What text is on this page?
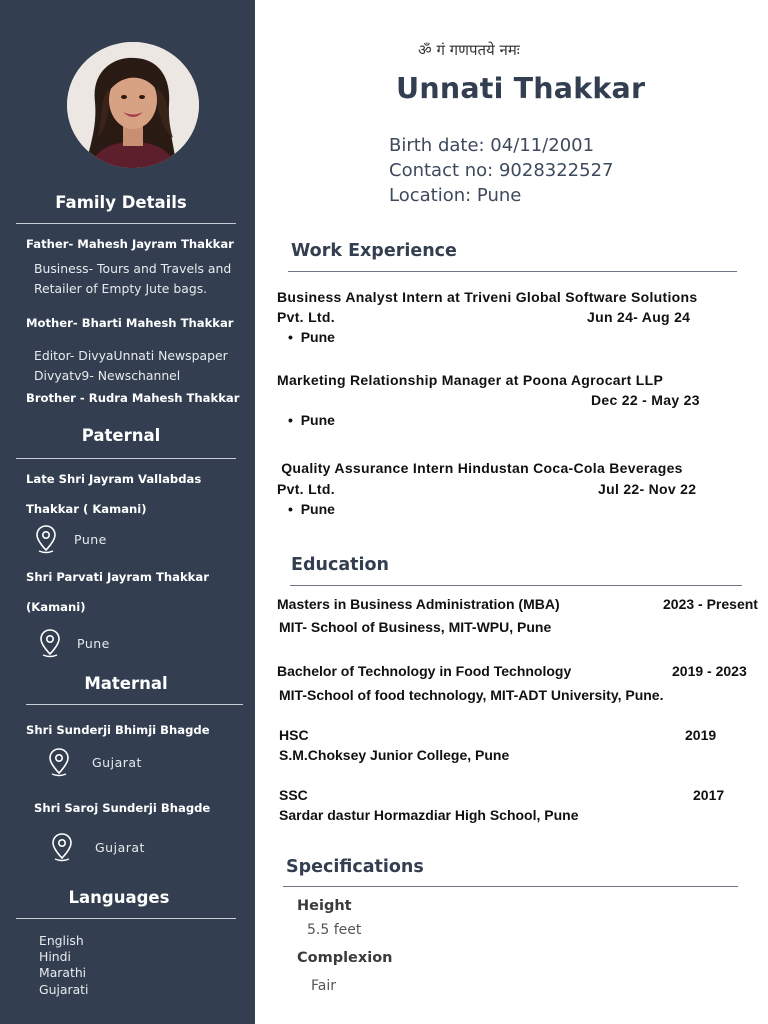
Family Details
Father- Mahesh Jayram Thakkar
Business- Tours and Travels and
Retailer of Empty Jute bags.
Mother- Bharti Mahesh Thakkar
Editor- DivyaUnnati Newspaper
Divyatv9- Newschannel
Brother - Rudra Mahesh Thakkar
Paternal
Late Shri Jayram Vallabdas
Thakkar ( Kamani)
Pune
Shri Parvati Jayram Thakkar
(Kamani)
Pune
Maternal
Shri Sunderji Bhimji Bhagde
Gujarat
Shri Saroj Sunderji Bhagde
Gujarat
Languages
English
Hindi
Marathi
Gujarati
ॐ गं गणपतये नमः
Unnati Thakkar
Birth date: 04/11/2001
Contact no: 9028322527
Location: Pune
Work Experience
Business Analyst Intern at Triveni Global Software Solutions
Pvt. Ltd.	Jun 24- Aug 24
•  Pune
Marketing Relationship Manager at Poona Agrocart LLP
Dec 22 - May 23
•  Pune
Quality Assurance Intern Hindustan Coca-Cola Beverages
Pvt. Ltd.	Jul 22- Nov 22
•  Pune
Education
Masters in Business Administration (MBA)	2023 - Present
MIT- School of Business, MIT-WPU, Pune
Bachelor of Technology in Food Technology	2019 - 2023
MIT-School of food technology, MIT-ADT University, Pune.
HSC	2019
S.M.Choksey Junior College, Pune
SSC	2017
Sardar dastur Hormazdiar High School, Pune
Specifications
Height
5.5 feet
Complexion
Fair
